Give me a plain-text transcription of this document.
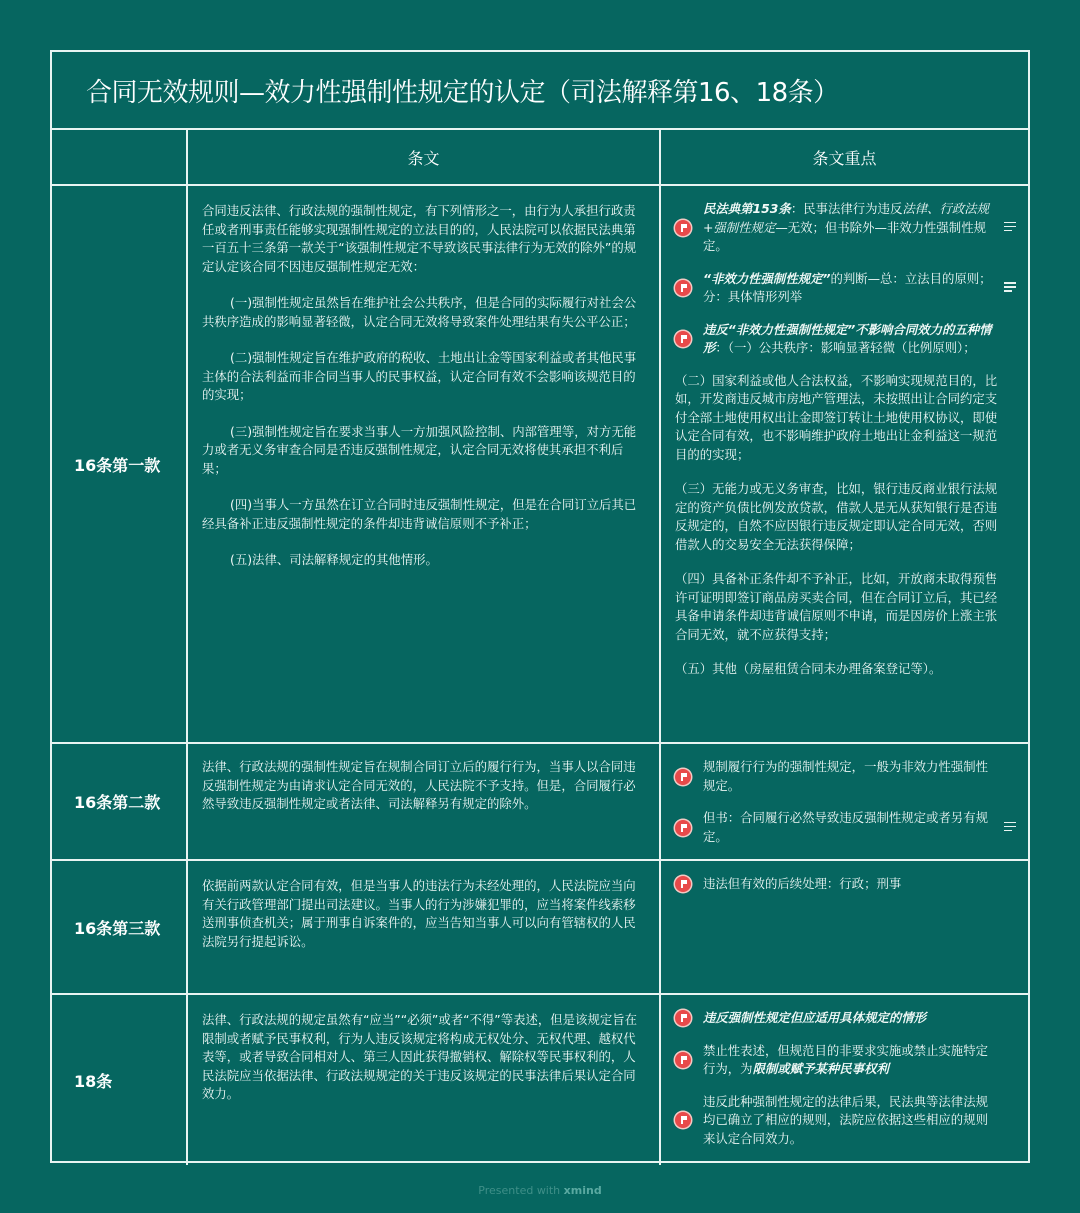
合同无效规则—效力性强制性规定的认定（司法解释第16、18条）
条文	条文重点
16条第一款

合同违反法律、行政法规的强制性规定，有下列情形之一，由行为人承担行政责任或者刑事责任能够实现强制性规定的立法目的的，人民法院可以依据民法典第一百五十三条第一款关于“该强制性规定不导致该民事法律行为无效的除外”的规定认定该合同不因违反强制性规定无效：

(一)强制性规定虽然旨在维护社会公共秩序，但是合同的实际履行对社会公共秩序造成的影响显著轻微，认定合同无效将导致案件处理结果有失公平公正；

(二)强制性规定旨在维护政府的税收、土地出让金等国家利益或者其他民事主体的合法利益而非合同当事人的民事权益，认定合同有效不会影响该规范目的的实现；

(三)强制性规定旨在要求当事人一方加强风险控制、内部管理等，对方无能力或者无义务审查合同是否违反强制性规定，认定合同无效将使其承担不利后果；

(四)当事人一方虽然在订立合同时违反强制性规定，但是在合同订立后其已经具备补正违反强制性规定的条件却违背诚信原则不予补正；

(五)法律、司法解释规定的其他情形。

民法典第153条：民事法律行为违反法律、行政法规+强制性规定—无效；但书除外—非效力性强制性规定。
“非效力性强制性规定”的判断—总：立法目的原则；分：具体情形列举
违反“非效力性强制性规定”不影响合同效力的五种情形：（一）公共秩序：影响显著轻微（比例原则）；

（二）国家利益或他人合法权益，不影响实现规范目的，比如，开发商违反城市房地产管理法，未按照出让合同约定支付全部土地使用权出让金即签订转让土地使用权协议，即使认定合同有效，也不影响维护政府土地出让金利益这一规范目的的实现；

（三）无能力或无义务审查，比如，银行违反商业银行法规定的资产负债比例发放贷款，借款人是无从获知银行是否违反规定的，自然不应因银行违反规定即认定合同无效，否则借款人的交易安全无法获得保障；

（四）具备补正条件却不予补正，比如，开放商未取得预售许可证明即签订商品房买卖合同，但在合同订立后，其已经具备申请条件却违背诚信原则不申请，而是因房价上涨主张合同无效，就不应获得支持；

（五）其他（房屋租赁合同未办理备案登记等）。

16条第二款

法律、行政法规的强制性规定旨在规制合同订立后的履行行为，当事人以合同违反强制性规定为由请求认定合同无效的，人民法院不予支持。但是，合同履行必然导致违反强制性规定或者法律、司法解释另有规定的除外。

规制履行行为的强制性规定，一般为非效力性强制性规定。
但书：合同履行必然导致违反强制性规定或者另有规定。
16条第三款

依据前两款认定合同有效，但是当事人的违法行为未经处理的，人民法院应当向有关行政管理部门提出司法建议。当事人的行为涉嫌犯罪的，应当将案件线索移送刑事侦查机关；属于刑事自诉案件的，应当告知当事人可以向有管辖权的人民法院另行提起诉讼。

违法但有效的后续处理：行政；刑事
18条

法律、行政法规的规定虽然有“应当”“必须”或者“不得”等表述，但是该规定旨在限制或者赋予民事权利，行为人违反该规定将构成无权处分、无权代理、越权代表等，或者导致合同相对人、第三人因此获得撤销权、解除权等民事权利的，人民法院应当依据法律、行政法规规定的关于违反该规定的民事法律后果认定合同效力。

违反强制性规定但应适用具体规定的情形
禁止性表述，但规范目的非要求实施或禁止实施特定行为，为限制或赋予某种民事权利
违反此种强制性规定的法律后果，民法典等法律法规均已确立了相应的规则，法院应依据这些相应的规则来认定合同效力。
Presented with xmind
